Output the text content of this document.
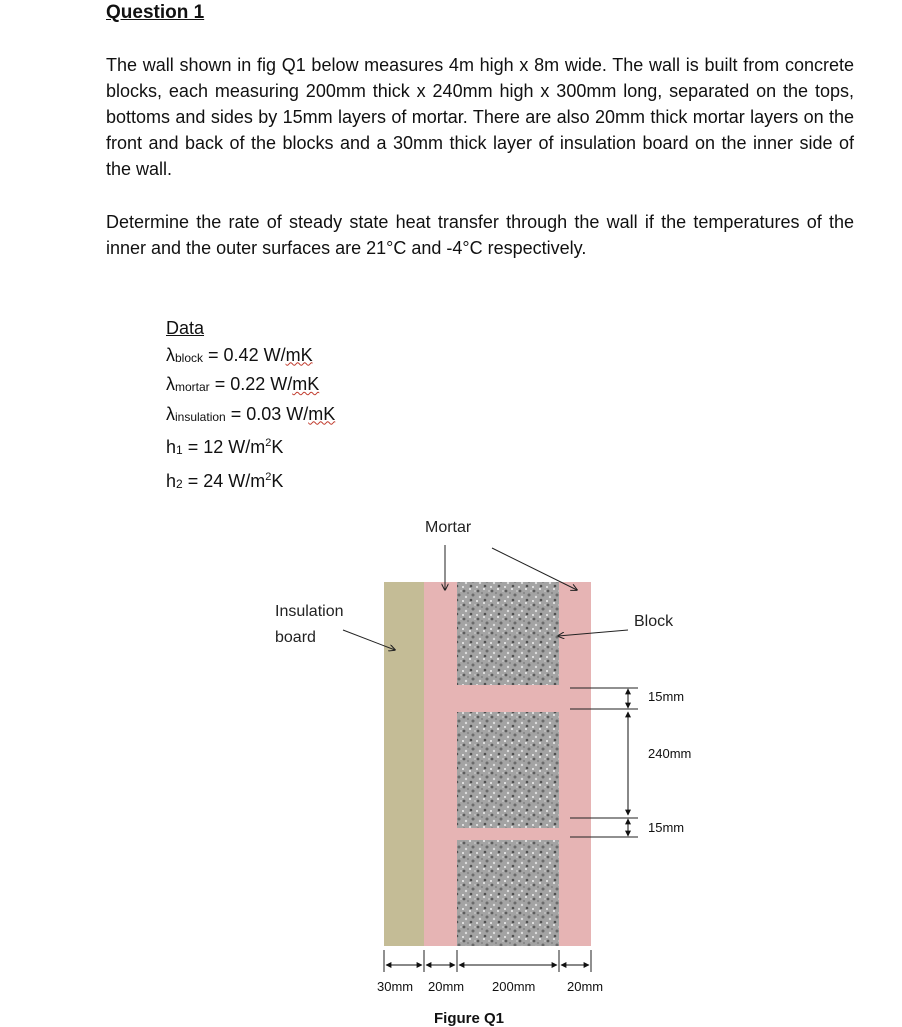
Question 1

The wall shown in fig Q1 below measures 4m high x 8m wide. The wall is built from concrete blocks, each measuring 200mm thick x 240mm high x 300mm long, separated on the tops, bottoms and sides by 15mm layers of mortar. There are also 20mm thick mortar layers on the front and back of the blocks and a 30mm thick layer of insulation board on the inner side of the wall.

Determine the rate of steady state heat transfer through the wall if the temperatures of the inner and the outer surfaces are 21°C and -4°C respectively.

Data
$\lambda_{block} = 0.42$ W/mK
$\lambda_{mortar} = 0.22$ W/mK
$\lambda_{insulation} = 0.03$ W/mK
$h_1 = 12$ $W/m^2K$
$h_2 = 24$ $W/m^2K$
Mortar
Insulation
board
Block
15mm
240mm
15mm
30mm 20mm 200mm 20mm
Figure Q1
